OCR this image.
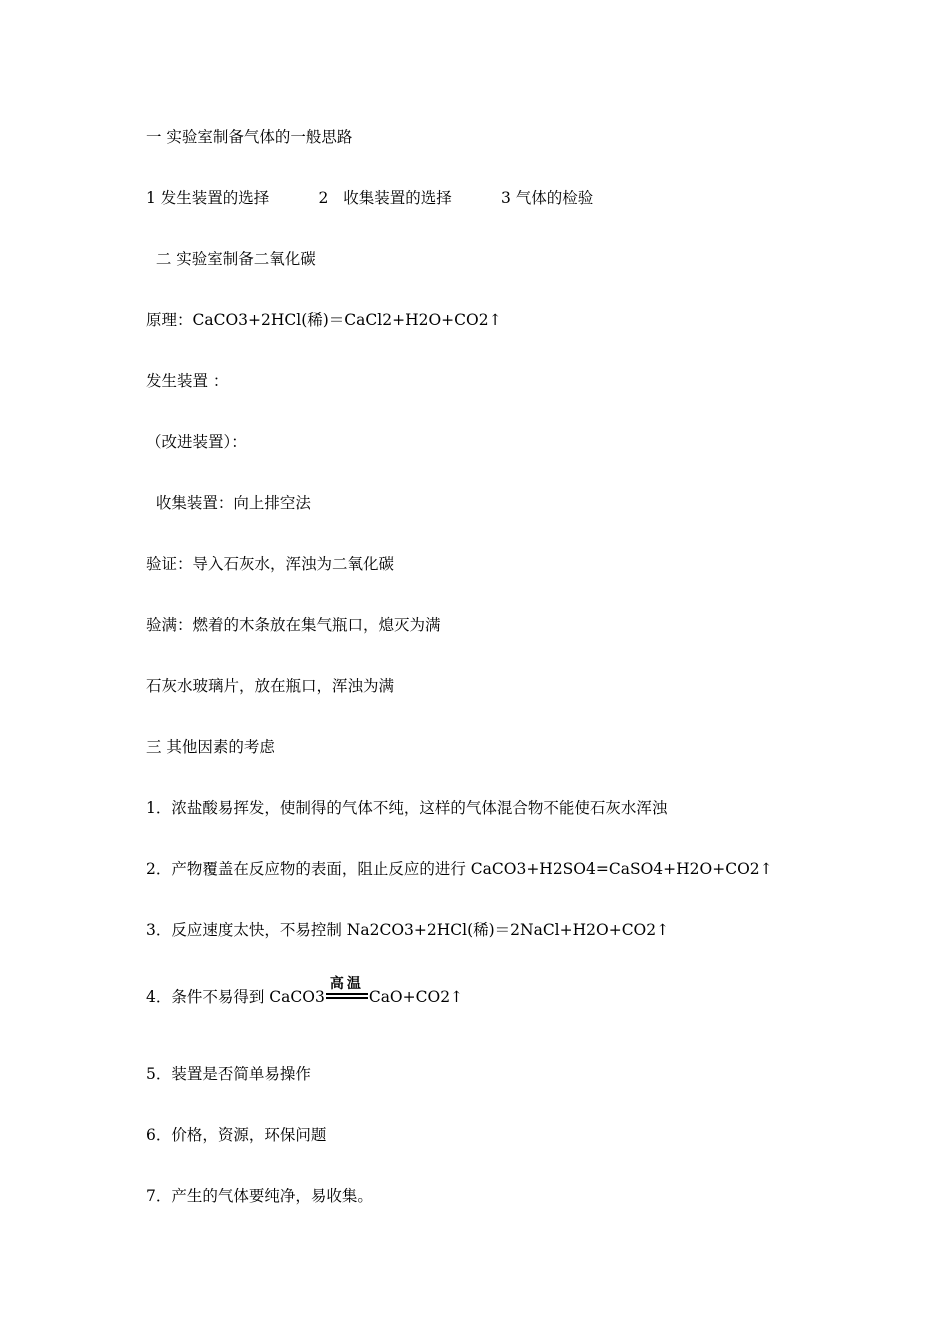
一 实验室制备气体的一般思路
1 发生装置的选择          2   收集装置的选择          3 气体的检验
二 实验室制备二氧化碳
原理：CaCO3+2HCl(稀)＝CaCl2+H2O+CO2↑
发生装置 ：
（改进装置）：
收集装置：向上排空法
验证：导入石灰水，浑浊为二氧化碳
验满：燃着的木条放在集气瓶口，熄灭为满
石灰水玻璃片，放在瓶口，浑浊为满
三 其他因素的考虑
1．浓盐酸易挥发，使制得的气体不纯，这样的气体混合物不能使石灰水浑浊
2．产物覆盖在反应物的表面，阻止反应的进行 CaCO3+H2SO4=CaSO4+H2O+CO2↑
3．反应速度太快，不易控制 Na2CO3+2HCl(稀)＝2NaCl+H2O+CO2↑
4．条件不易得到 CaCO3
高温
CaO+CO2↑
5．装置是否简单易操作
6．价格，资源，环保问题
7．产生的气体要纯净，易收集。
